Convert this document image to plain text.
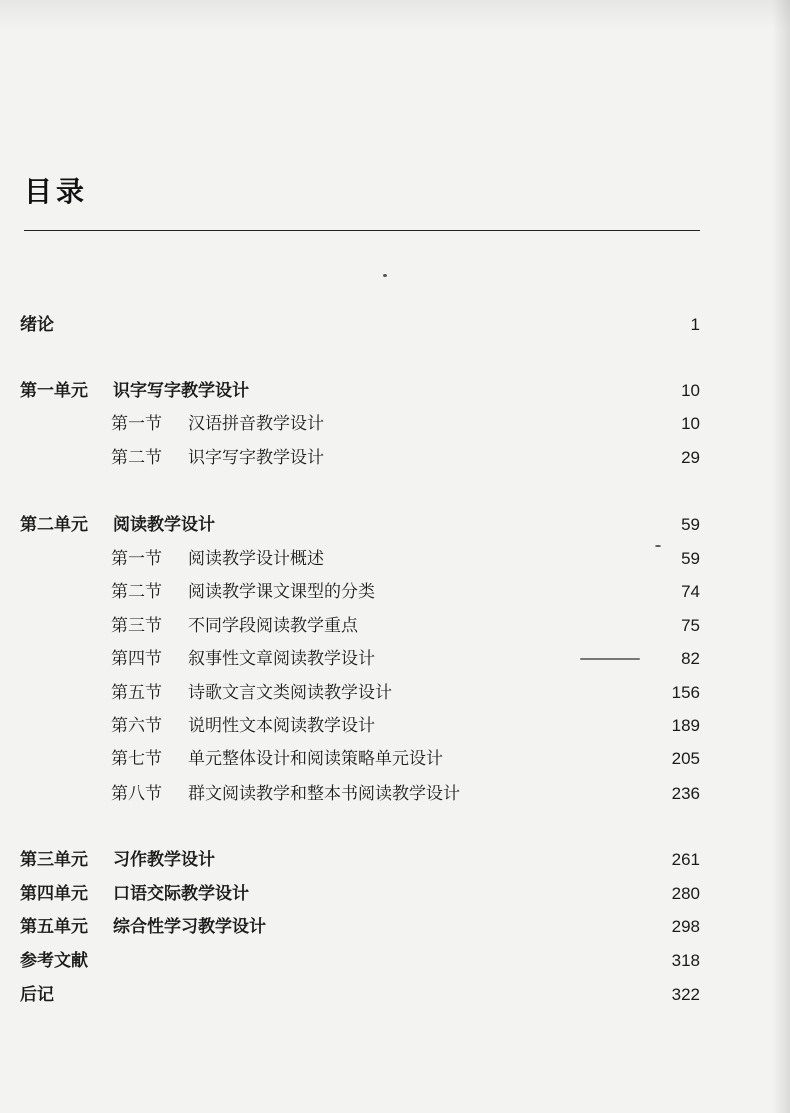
目录
绪论	1
第一单元 识字写字教学设计	10
第一节 汉语拼音教学设计	10
第二节 识字写字教学设计	29
第二单元 阅读教学设计	59
第一节 阅读教学设计概述	59
第二节 阅读教学课文课型的分类	74
第三节 不同学段阅读教学重点	75
第四节 叙事性文章阅读教学设计	82
第五节 诗歌文言文类阅读教学设计	156
第六节 说明性文本阅读教学设计	189
第七节 单元整体设计和阅读策略单元设计	205
第八节 群文阅读教学和整本书阅读教学设计	236
第三单元 习作教学设计	261
第四单元 口语交际教学设计	280
第五单元 综合性学习教学设计	298
参考文献	318
后记	322
